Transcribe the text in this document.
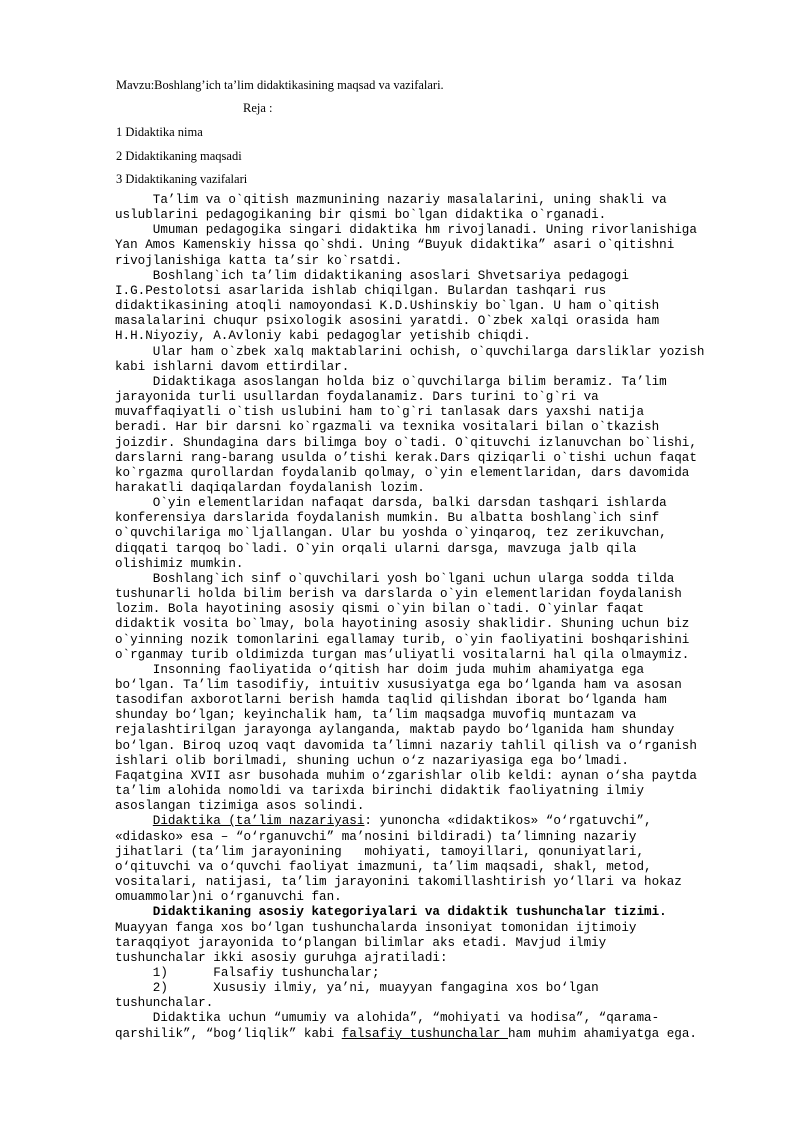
Mavzu:Boshlang’ich ta’lim didaktikasining maqsad va vazifalari.
Reja :
1 Didaktika nima
2 Didaktikaning maqsadi
3 Didaktikaning vazifalari
Ta’lim va o`qitish mazmunining nazariy masalalarini, uning shakli va
uslublarini pedagogikaning bir qismi bo`lgan didaktika o`rganadi.
Umuman pedagogika singari didaktika hm rivojlanadi. Uning rivorlanishiga
Yan Amos Kamenskiy hissa qo`shdi. Uning “Buyuk didaktika” asari o`qitishni
rivojlanishiga katta ta’sir ko`rsatdi.
Boshlang`ich ta’lim didaktikaning asoslari Shvetsariya pedagogi
I.G.Pestolotsi asarlarida ishlab chiqilgan. Bulardan tashqari rus
didaktikasining atoqli namoyondasi K.D.Ushinskiy bo`lgan. U ham o`qitish
masalalarini chuqur psixologik asosini yaratdi. O`zbek xalqi orasida ham
H.H.Niyoziy, A.Avloniy kabi pedagoglar yetishib chiqdi.
Ular ham o`zbek xalq maktablarini ochish, o`quvchilarga darsliklar yozish
kabi ishlarni davom ettirdilar.
Didaktikaga asoslangan holda biz o`quvchilarga bilim beramiz. Ta’lim
jarayonida turli usullardan foydalanamiz. Dars turini to`g`ri va
muvaffaqiyatli o`tish uslubini ham to`g`ri tanlasak dars yaxshi natija
beradi. Har bir darsni ko`rgazmali va texnika vositalari bilan o`tkazish
joizdir. Shundagina dars bilimga boy o`tadi. O`qituvchi izlanuvchan bo`lishi,
darslarni rang-barang usulda o’tishi kerak.Dars qiziqarli o`tishi uchun faqat
ko`rgazma qurollardan foydalanib qolmay, o`yin elementlaridan, dars davomida
harakatli daqiqalardan foydalanish lozim.
O`yin elementlaridan nafaqat darsda, balki darsdan tashqari ishlarda
konferensiya darslarida foydalanish mumkin. Bu albatta boshlang`ich sinf
o`quvchilariga mo`ljallangan. Ular bu yoshda o`yinqaroq, tez zerikuvchan,
diqqati tarqoq bo`ladi. O`yin orqali ularni darsga, mavzuga jalb qila
olishimiz mumkin.
Boshlang`ich sinf o`quvchilari yosh bo`lgani uchun ularga sodda tilda
tushunarli holda bilim berish va darslarda o`yin elementlaridan foydalanish
lozim. Bola hayotining asosiy qismi o`yin bilan o`tadi. O`yinlar faqat
didaktik vosita bo`lmay, bola hayotining asosiy shaklidir. Shuning uchun biz
o`yinning nozik tomonlarini egallamay turib, o`yin faoliyatini boshqarishini
o`rganmay turib oldimizda turgan mas’uliyatli vositalarni hal qila olmaymiz.
Insonning faoliyatida o‘qitish har doim juda muhim ahamiyatga ega
bo‘lgan. Ta’lim tasodifiy, intuitiv xususiyatga ega bo‘lganda ham va asosan
tasodifan axborotlarni berish hamda taqlid qilishdan iborat bo‘lganda ham
shunday bo‘lgan; keyinchalik ham, ta’lim maqsadga muvofiq muntazam va
rejalashtirilgan jarayonga aylanganda, maktab paydo bo‘lganida ham shunday
bo‘lgan. Biroq uzoq vaqt davomida ta’limni nazariy tahlil qilish va o‘rganish
ishlari olib borilmadi, shuning uchun o‘z nazariyasiga ega bo‘lmadi.
Faqatgina XVII asr busohada muhim o‘zgarishlar olib keldi: aynan o‘sha paytda
ta’lim alohida nomoldi va tarixda birinchi didaktik faoliyatning ilmiy
asoslangan tizimiga asos solindi.
Didaktika (ta’lim nazariyasi: yunoncha «didaktikos» “o‘rgatuvchi”,
«didasko» esa – “o‘rganuvchi” ma’nosini bildiradi) ta’limning nazariy
jihatlari (ta’lim jarayonining   mohiyati, tamoyillari, qonuniyatlari,
o‘qituvchi va o‘quvchi faoliyat imazmuni, ta’lim maqsadi, shakl, metod,
vositalari, natijasi, ta’lim jarayonini takomillashtirish yo‘llari va hokaz
omuammolar)ni o‘rganuvchi fan.
Didaktikaning asosiy kategoriyalari va didaktik tushunchalar tizimi.
Muayyan fanga xos bo‘lgan tushunchalarda insoniyat tomonidan ijtimoiy
taraqqiyot jarayonida to‘plangan bilimlar aks etadi. Mavjud ilmiy
tushunchalar ikki asosiy guruhga ajratiladi:
1)	Falsafiy tushunchalar;
2)	Xususiy ilmiy, ya’ni, muayyan fangagina xos bo‘lgan
tushunchalar.
Didaktika uchun “umumiy va alohida”, “mohiyati va hodisa”, “qarama-
qarshilik”, “bog‘liqlik” kabi falsafiy tushunchalar ham muhim ahamiyatga ega.
